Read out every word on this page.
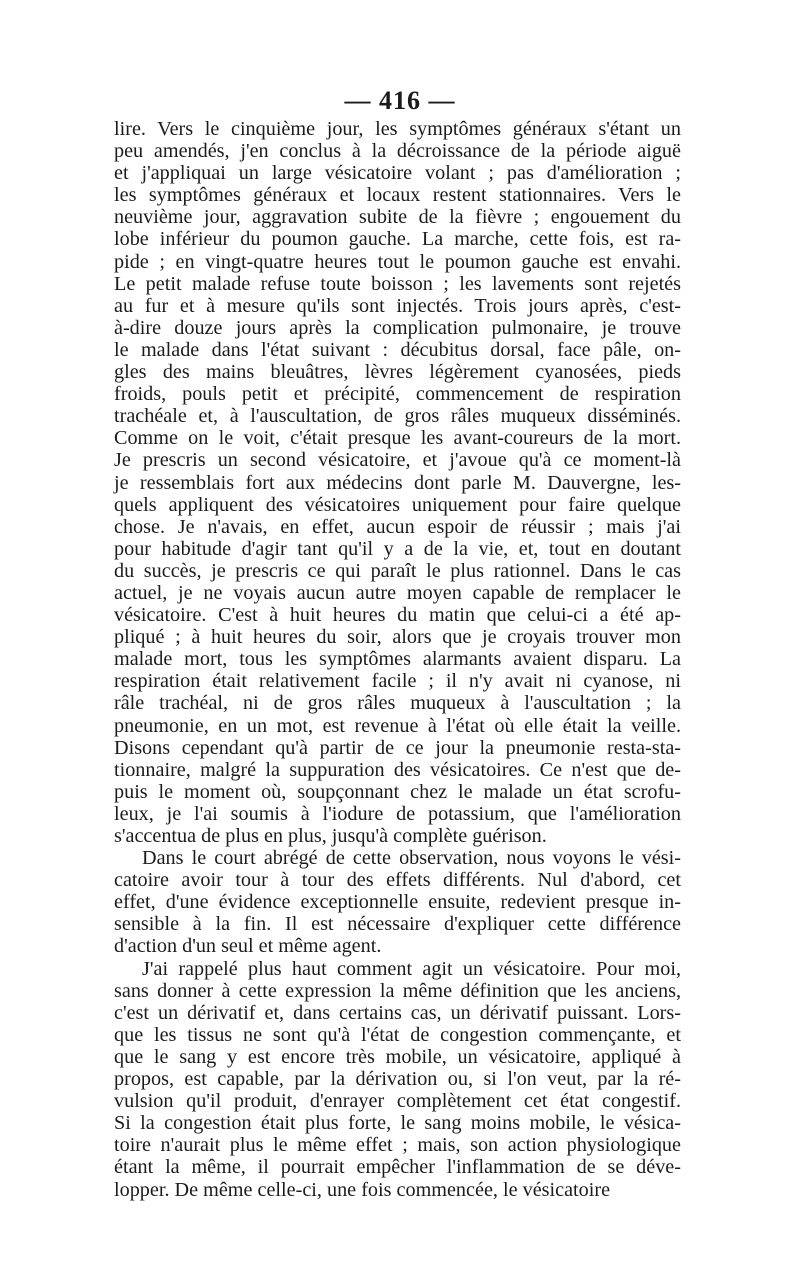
— 416 —
lire. Vers le cinquième jour, les symptômes généraux s'étant un
peu amendés, j'en conclus à la décroissance de la période aiguë
et j'appliquai un large vésicatoire volant ; pas d'amélioration ;
les symptômes généraux et locaux restent stationnaires. Vers le
neuvième jour, aggravation subite de la fièvre ; engouement du
lobe inférieur du poumon gauche. La marche, cette fois, est ra-
pide ; en vingt-quatre heures tout le poumon gauche est envahi.
Le petit malade refuse toute boisson ; les lavements sont rejetés
au fur et à mesure qu'ils sont injectés. Trois jours après, c'est-
à-dire douze jours après la complication pulmonaire, je trouve
le malade dans l'état suivant : décubitus dorsal, face pâle, on-
gles des mains bleuâtres, lèvres légèrement cyanosées, pieds
froids, pouls petit et précipité, commencement de respiration
trachéale et, à l'auscultation, de gros râles muqueux disséminés.
Comme on le voit, c'était presque les avant-coureurs de la mort.
Je prescris un second vésicatoire, et j'avoue qu'à ce moment-là
je ressemblais fort aux médecins dont parle M. Dauvergne, les-
quels appliquent des vésicatoires uniquement pour faire quelque
chose. Je n'avais, en effet, aucun espoir de réussir ; mais j'ai
pour habitude d'agir tant qu'il y a de la vie, et, tout en doutant
du succès, je prescris ce qui paraît le plus rationnel. Dans le cas
actuel, je ne voyais aucun autre moyen capable de remplacer le
vésicatoire. C'est à huit heures du matin que celui-ci a été ap-
pliqué ; à huit heures du soir, alors que je croyais trouver mon
malade mort, tous les symptômes alarmants avaient disparu. La
respiration était relativement facile ; il n'y avait ni cyanose, ni
râle trachéal, ni de gros râles muqueux à l'auscultation ; la
pneumonie, en un mot, est revenue à l'état où elle était la veille.
Disons cependant qu'à partir de ce jour la pneumonie resta-sta-
tionnaire, malgré la suppuration des vésicatoires. Ce n'est que de-
puis le moment où, soupçonnant chez le malade un état scrofu-
leux, je l'ai soumis à l'iodure de potassium, que l'amélioration
s'accentua de plus en plus, jusqu'à complète guérison.
Dans le court abrégé de cette observation, nous voyons le vési-
catoire avoir tour à tour des effets différents. Nul d'abord, cet
effet, d'une évidence exceptionnelle ensuite, redevient presque in-
sensible à la fin. Il est nécessaire d'expliquer cette différence
d'action d'un seul et même agent.
J'ai rappelé plus haut comment agit un vésicatoire. Pour moi,
sans donner à cette expression la même définition que les anciens,
c'est un dérivatif et, dans certains cas, un dérivatif puissant. Lors-
que les tissus ne sont qu'à l'état de congestion commençante, et
que le sang y est encore très mobile, un vésicatoire, appliqué à
propos, est capable, par la dérivation ou, si l'on veut, par la ré-
vulsion qu'il produit, d'enrayer complètement cet état congestif.
Si la congestion était plus forte, le sang moins mobile, le vésica-
toire n'aurait plus le même effet ; mais, son action physiologique
étant la même, il pourrait empêcher l'inflammation de se déve-
lopper. De même celle-ci, une fois commencée, le vésicatoire
